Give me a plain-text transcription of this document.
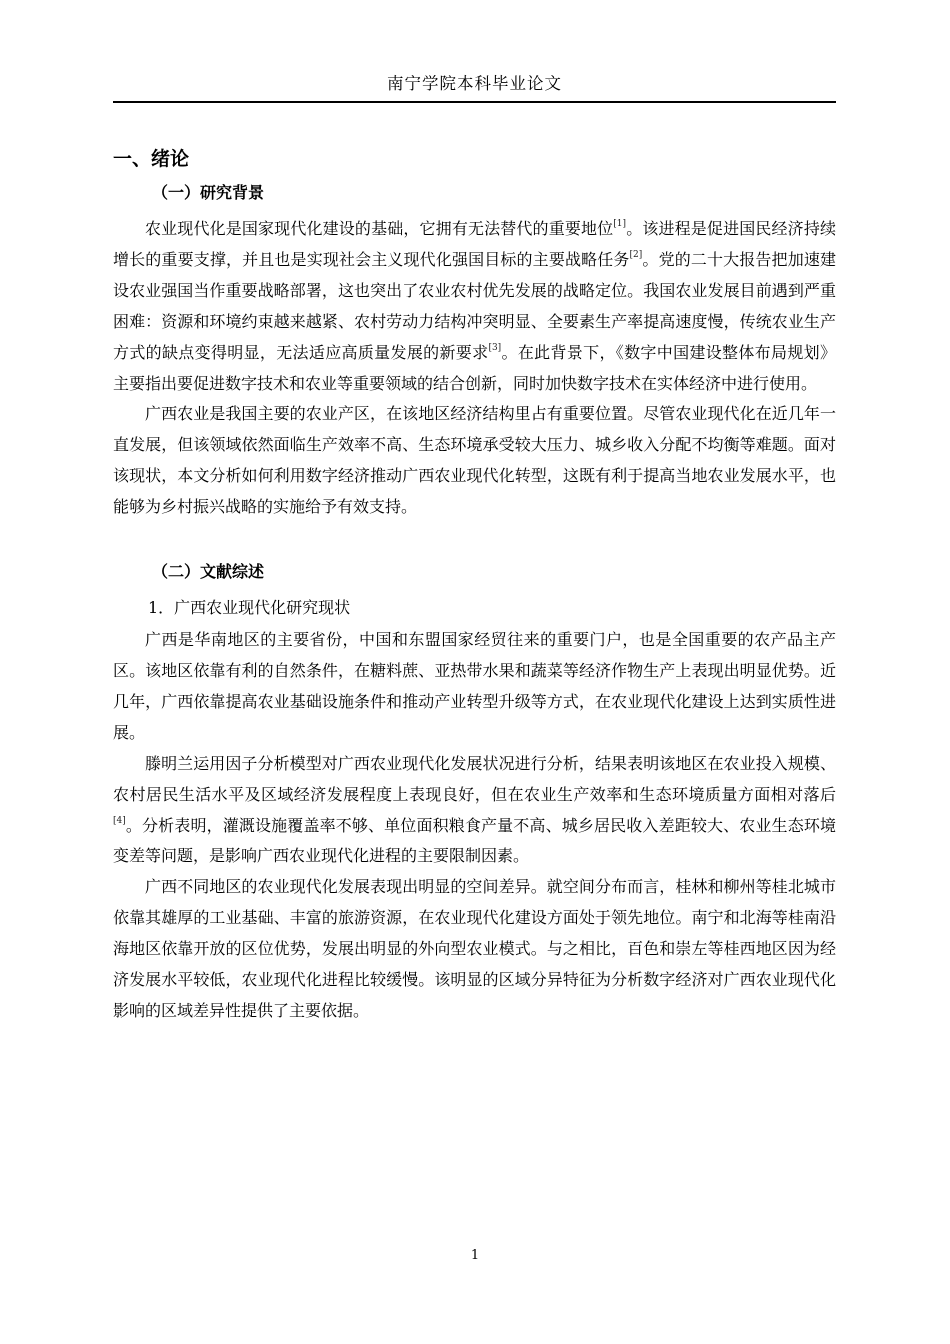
南宁学院本科毕业论文
一、绪论
（一）研究背景

农业现代化是国家现代化建设的基础，它拥有无法替代的重要地位[1]。该进程是促进国民经济持续增长的重要支撑，并且也是实现社会主义现代化强国目标的主要战略任务[2]。党的二十大报告把加速建设农业强国当作重要战略部署，这也突出了农业农村优先发展的战略定位。我国农业发展目前遇到严重困难：资源和环境约束越来越紧、农村劳动力结构冲突明显、全要素生产率提高速度慢，传统农业生产方式的缺点变得明显，无法适应高质量发展的新要求[3]。在此背景下，《数字中国建设整体布局规划》主要指出要促进数字技术和农业等重要领域的结合创新，同时加快数字技术在实体经济中进行使用。

广西农业是我国主要的农业产区，在该地区经济结构里占有重要位置。尽管农业现代化在近几年一直发展，但该领域依然面临生产效率不高、生态环境承受较大压力、城乡收入分配不均衡等难题。面对该现状，本文分析如何利用数字经济推动广西农业现代化转型，这既有利于提高当地农业发展水平，也能够为乡村振兴战略的实施给予有效支持。

（二）文献综述
1．广西农业现代化研究现状

广西是华南地区的主要省份，中国和东盟国家经贸往来的重要门户，也是全国重要的农产品主产区。该地区依靠有利的自然条件，在糖料蔗、亚热带水果和蔬菜等经济作物生产上表现出明显优势。近几年，广西依靠提高农业基础设施条件和推动产业转型升级等方式，在农业现代化建设上达到实质性进展。

滕明兰运用因子分析模型对广西农业现代化发展状况进行分析，结果表明该地区在农业投入规模、农村居民生活水平及区域经济发展程度上表现良好，但在农业生产效率和生态环境质量方面相对落后[4]。分析表明，灌溉设施覆盖率不够、单位面积粮食产量不高、城乡居民收入差距较大、农业生态环境变差等问题，是影响广西农业现代化进程的主要限制因素。

广西不同地区的农业现代化发展表现出明显的空间差异。就空间分布而言，桂林和柳州等桂北城市依靠其雄厚的工业基础、丰富的旅游资源，在农业现代化建设方面处于领先地位。南宁和北海等桂南沿海地区依靠开放的区位优势，发展出明显的外向型农业模式。与之相比，百色和崇左等桂西地区因为经济发展水平较低，农业现代化进程比较缓慢。该明显的区域分异特征为分析数字经济对广西农业现代化影响的区域差异性提供了主要依据。

1
